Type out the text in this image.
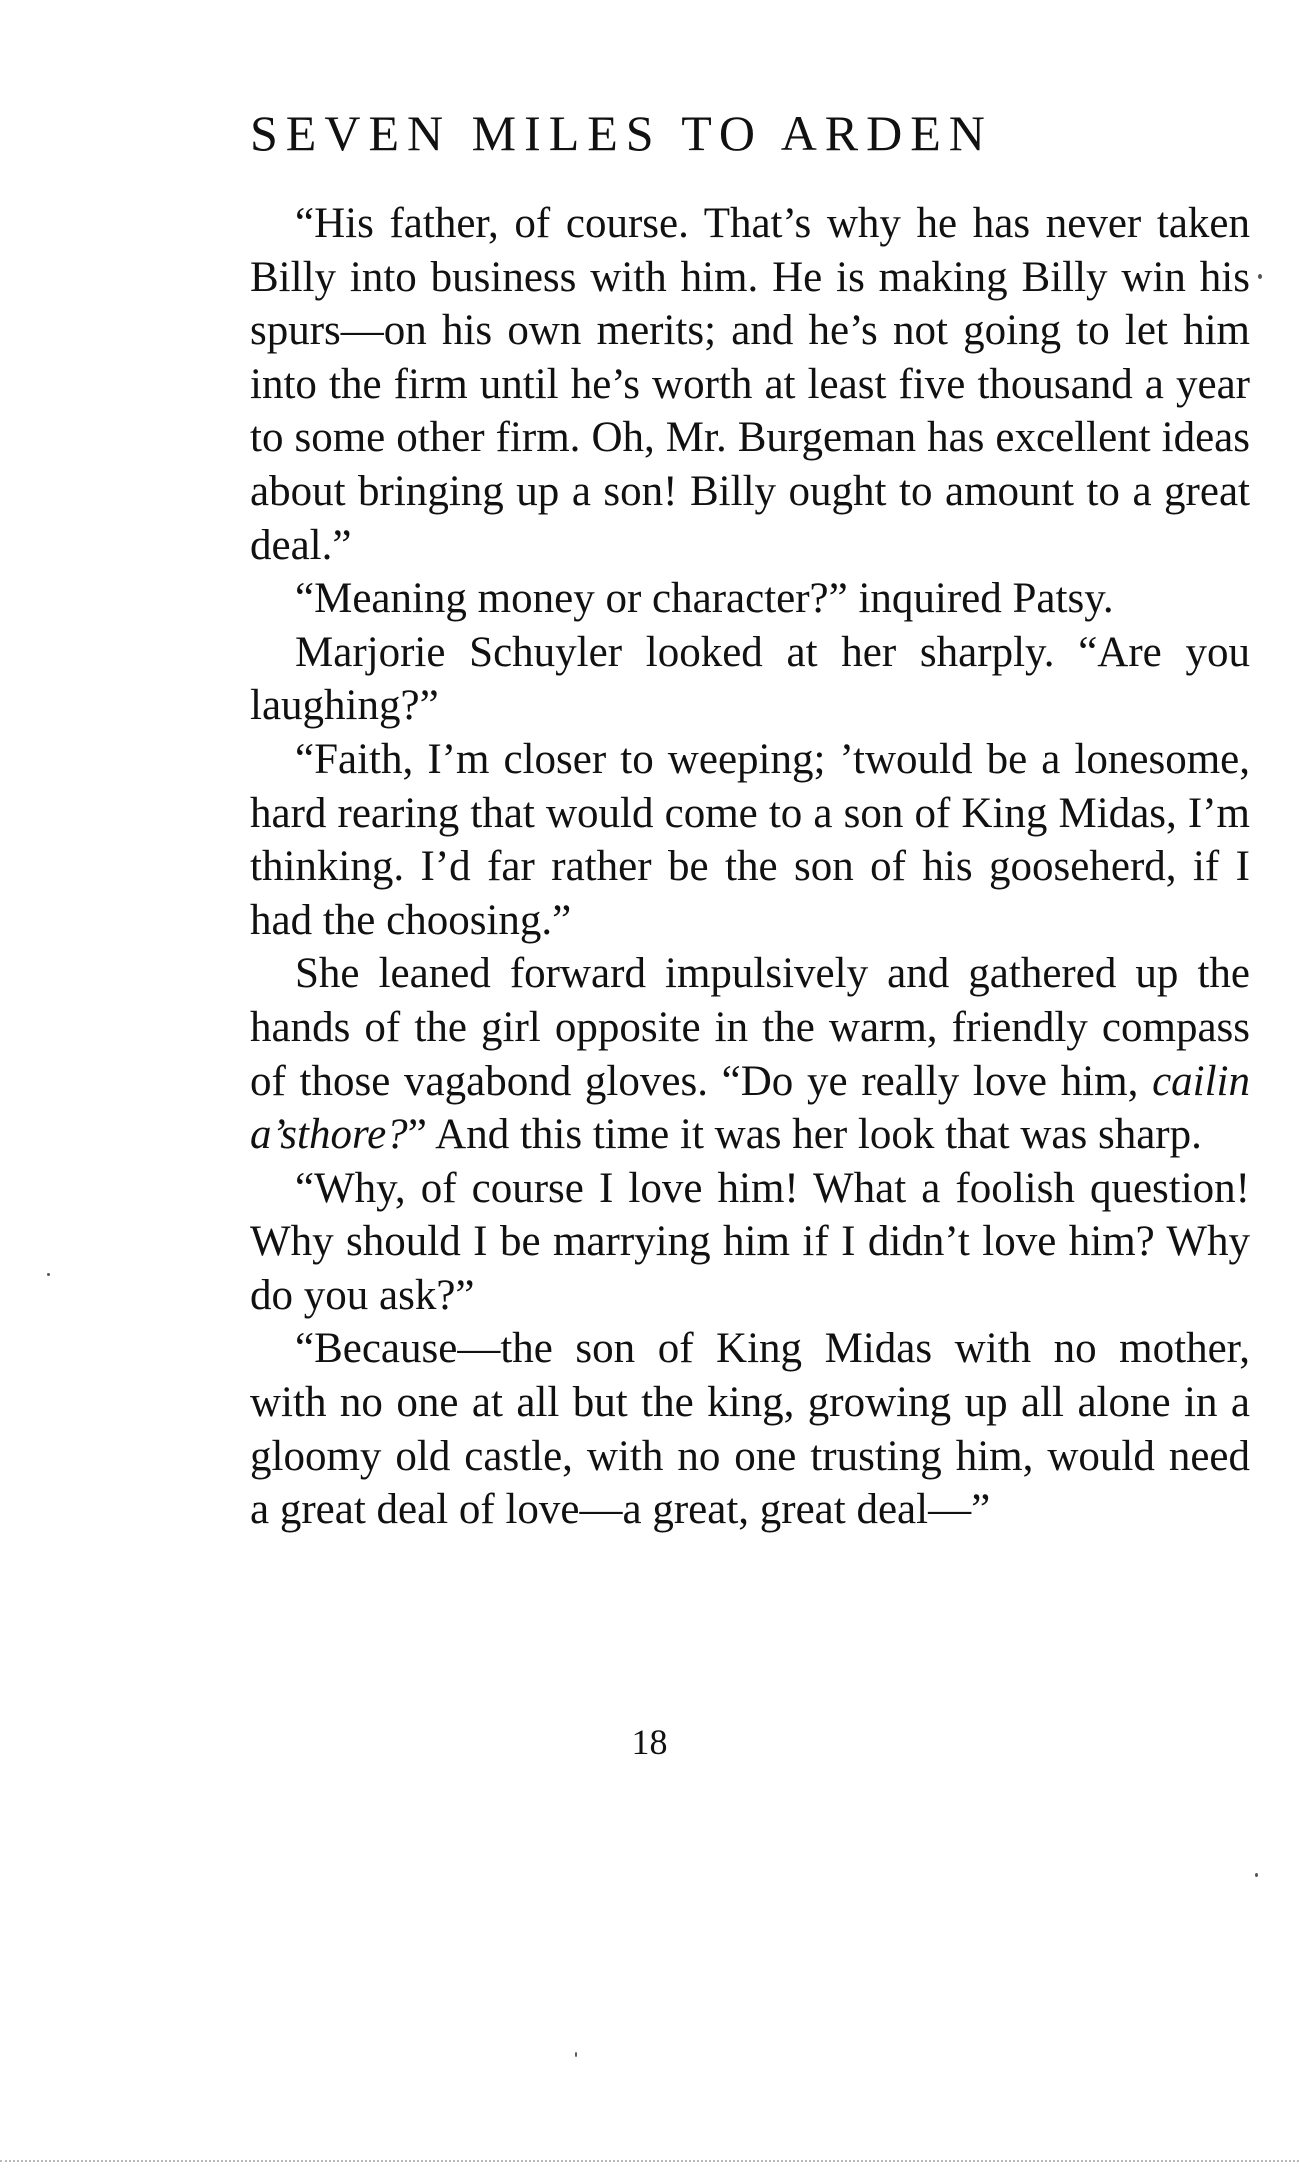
SEVEN MILES TO ARDEN

“His father, of course. That’s why he has never taken Billy into business with him. He is making Billy win his spurs—on his own merits; and he’s not going to let him into the firm until he’s worth at least five thousand a year to some other firm. Oh, Mr. Burgeman has excellent ideas about bringing up a son! Billy ought to amount to a great deal.”

“Meaning money or character?” inquired Patsy.

Marjorie Schuyler looked at her sharply. “Are you laughing?”

“Faith, I’m closer to weeping; ’twould be a lonesome, hard rearing that would come to a son of King Midas, I’m thinking. I’d far rather be the son of his gooseherd, if I had the choosing.”

She leaned forward impulsively and gathered up the hands of the girl opposite in the warm, friendly compass of those vagabond gloves. “Do ye really love him, cailin a’sthore?” And this time it was her look that was sharp.

“Why, of course I love him! What a foolish question! Why should I be marrying him if I didn’t love him? Why do you ask?”

“Because—the son of King Midas with no mother, with no one at all but the king, growing up all alone in a gloomy old castle, with no one trusting him, would need a great deal of love—a great, great deal—”

18
